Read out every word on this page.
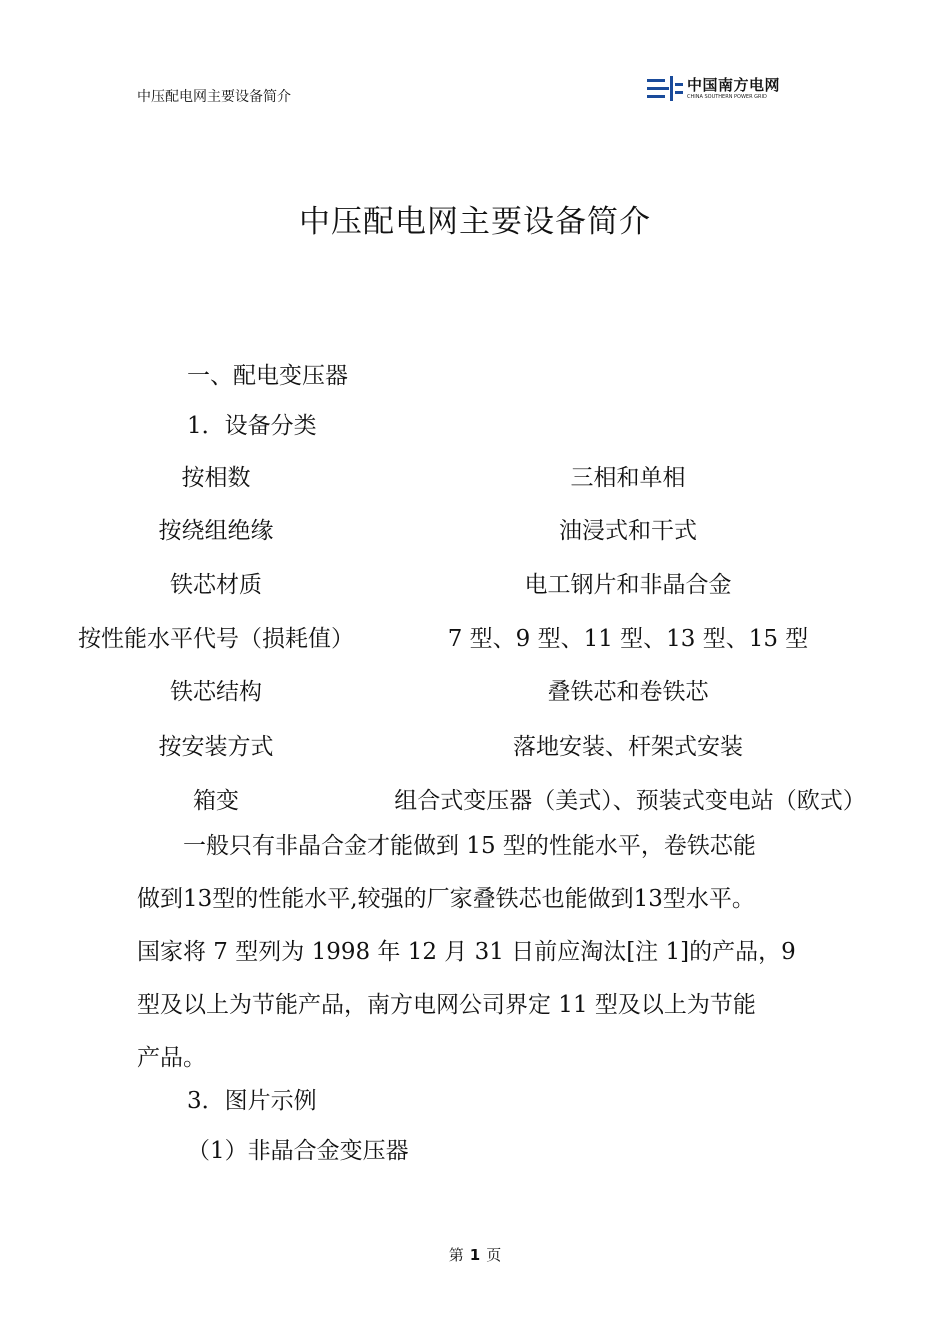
中压配电网主要设备简介
中国南方电网
CHINA SOUTHERN POWER GRID
中压配电网主要设备简介
一、配电变压器
1．设备分类
按相数	三相和单相
按绕组绝缘	油浸式和干式
铁芯材质	电工钢片和非晶合金
按性能水平代号（损耗值）	7 型、9 型、11 型、13 型、15 型
铁芯结构	叠铁芯和卷铁芯
按安装方式	落地安装、杆架式安装
箱变	组合式变压器（美式）、预装式变电站（欧式）
　　一般只有非晶合金才能做到 15 型的性能水平，卷铁芯能
做到13型的性能水平,较强的厂家叠铁芯也能做到13型水平。
国家将 7 型列为 1998 年 12 月 31 日前应淘汰[注 1]的产品，9
型及以上为节能产品，南方电网公司界定 11 型及以上为节能
产品。
3．图片示例
（1）非晶合金变压器
第 1 页
